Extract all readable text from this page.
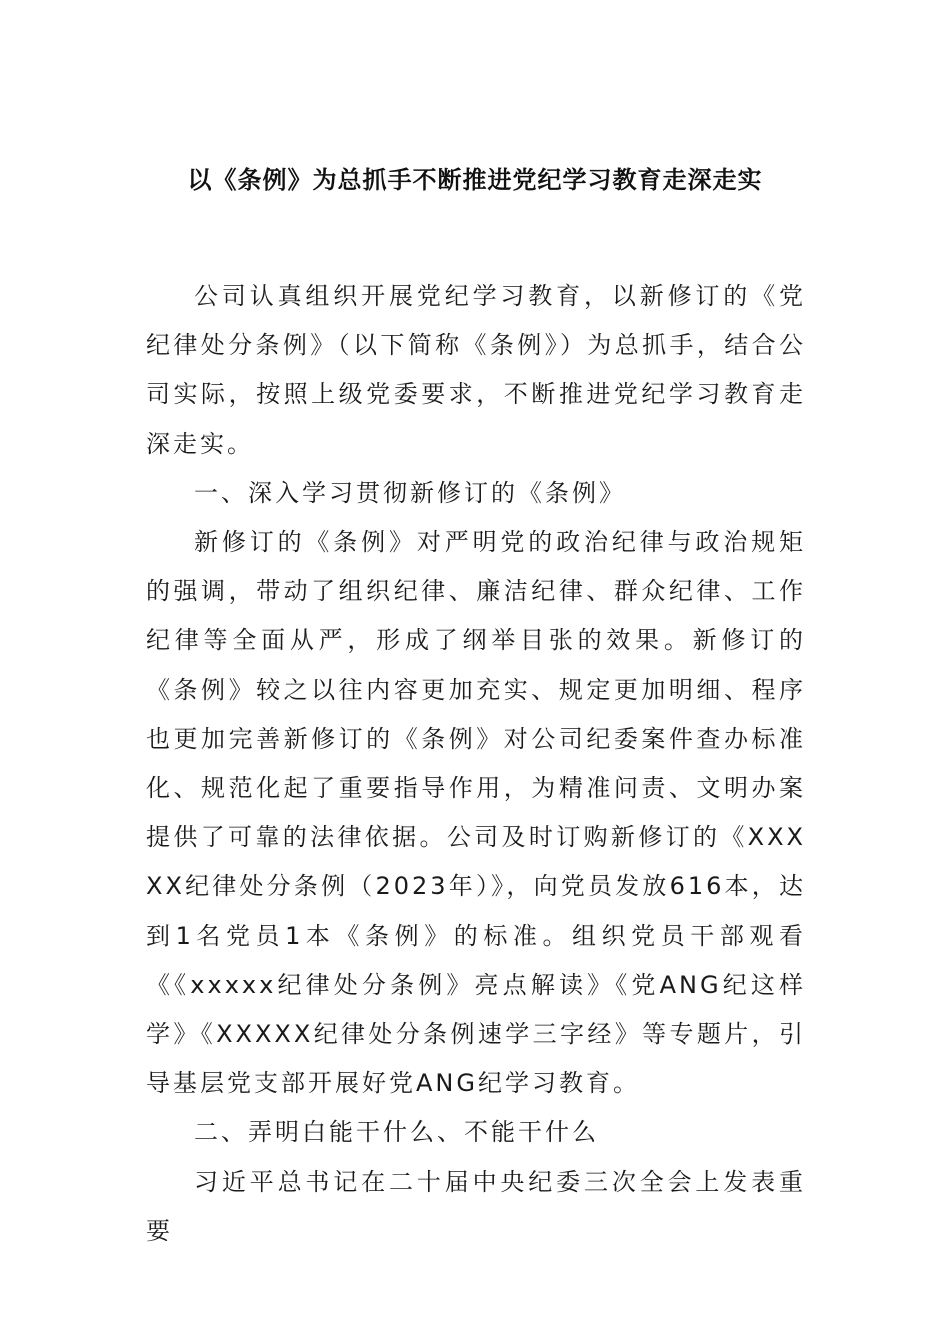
以《条例》为总抓手不断推进党纪学习教育走深走实

公司认真组织开展党纪学习教育，以新修订的《党纪律处分条例》（以下简称《条例》）为总抓手，结合公司实际，按照上级党委要求，不断推进党纪学习教育走深走实。

一、深入学习贯彻新修订的《条例》

新修订的《条例》对严明党的政治纪律与政治规矩的强调，带动了组织纪律、廉洁纪律、群众纪律、工作纪律等全面从严，形成了纲举目张的效果。新修订的《条例》较之以往内容更加充实、规定更加明细、程序也更加完善新修订的《条例》对公司纪委案件查办标准化、规范化起了重要指导作用，为精准问责、文明办案提供了可靠的法律依据。公司及时订购新修订的《XXXXX纪律处分条例（2023年）》，向党员发放616本，达到1名党员1本《条例》的标准。组织党员干部观看《《xxxxx纪律处分条例》亮点解读》《党ANG纪这样学》《XXXXX纪律处分条例速学三字经》等专题片，引导基层党支部开展好党ANG纪学习教育。

二、弄明白能干什么、不能干什么

习近平总书记在二十届中央纪委三次全会上发表重要
